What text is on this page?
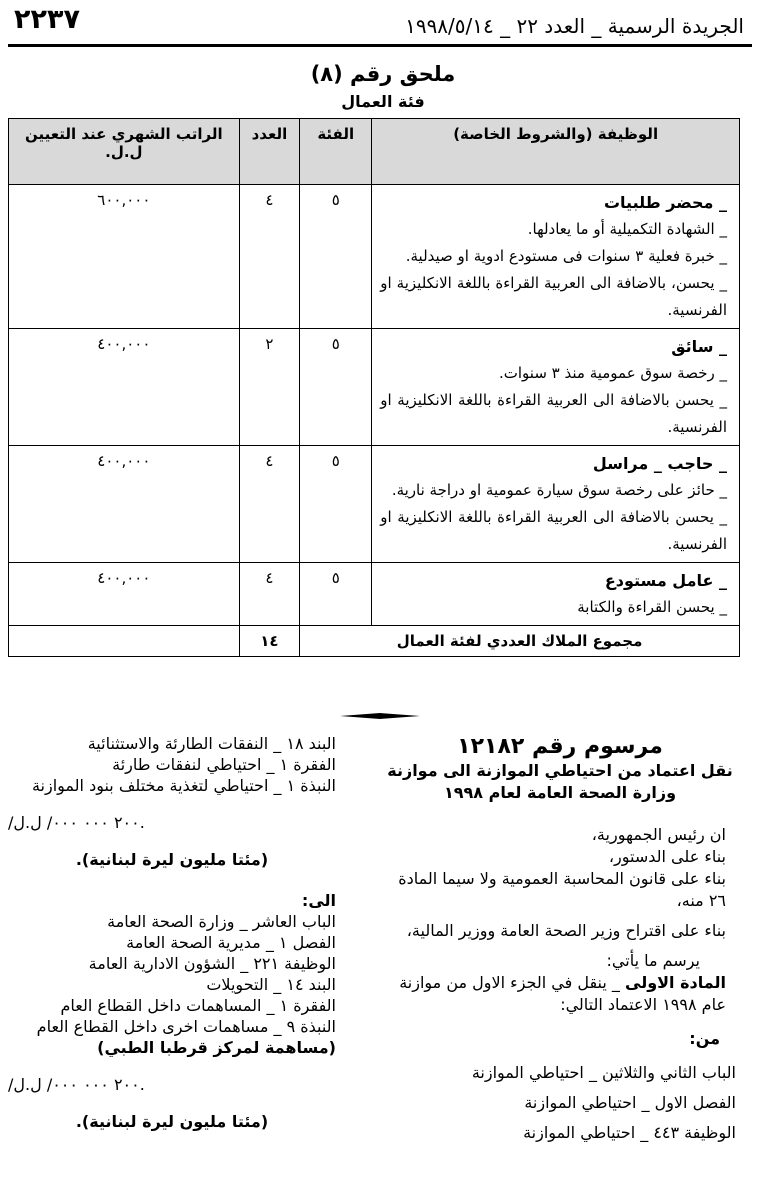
٢٢٣٧	الجريدة الرسمية _ العدد ٢٢ _ ١٩٩٨/٥/١٤
ملحق رقم (٨)
فئة العمال
الوظيفة (والشروط الخاصة)	الفئة	العدد	الراتب الشهري عند التعيين ل.ل.

_ محضر طلبيات
_ الشهادة التكميلية أو ما يعادلها.
_ خبرة فعلية ٣ سنوات فى مستودع ادوية او صيدلية.
_ يحسن، بالاضافة الى العربية القراءة باللغة الانكليزية او الفرنسية.	٥	٤	٦٠٠,٠٠٠

_ سائق
_ رخصة سوق عمومية منذ ٣ سنوات.
_ يحسن بالاضافة الى العربية القراءة باللغة الانكليزية او الفرنسية.	٥	٢	٤٠٠,٠٠٠

_ حاجب _ مراسل
_ حائز على رخصة سوق سيارة عمومية او دراجة نارية.
_ يحسن بالاضافة الى العربية القراءة باللغة الانكليزية او الفرنسية.	٥	٤	٤٠٠,٠٠٠

_ عامل مستودع
_ يحسن القراءة والكتابة	٥	٤	٤٠٠,٠٠٠
مجموع الملاك العددي لفئة العمال		١٤	
مرسوم رقم ١٢١٨٢
نقل اعتماد من احتياطي الموازنة الى موازنة
وزارة الصحة العامة لعام ١٩٩٨

ان رئيس الجمهورية،

بناء على الدستور،

بناء على قانون المحاسبة العمومية ولا سيما المادة ٢٦ منه،

بناء على اقتراح وزير الصحة العامة ووزير المالية،

يرسم ما يأتي:

المادة الاولى _ ينقل في الجزء الاول من موازنة عام ١٩٩٨ الاعتماد التالي:

من:

الباب الثاني والثلاثين _ احتياطي الموازنة
الفصل الاول _ احتياطي الموازنة
الوظيفة ٤٤٣ _ احتياطي الموازنة
البند ١٨ _ النفقات الطارئة والاستثنائية
الفقرة ١ _ احتياطي لنفقات طارئة
النبذة ١ _ احتياطي لتغذية مختلف بنود الموازنة
/٢٠٠ ٠٠٠ ٠٠٠/ ل.ل.
(مئتا مليون ليرة لبنانية).
الى:
الباب العاشر _ وزارة الصحة العامة
الفصل ١ _ مديرية الصحة العامة
الوظيفة ٢٢١ _ الشؤون الادارية العامة
البند ١٤ _ التحويلات
الفقرة ١ _ المساهمات داخل القطاع العام
النبذة ٩ _ مساهمات اخرى داخل القطاع العام
(مساهمة لمركز قرطبا الطبي)
/٢٠٠ ٠٠٠ ٠٠٠/ ل.ل.
(مئتا مليون ليرة لبنانية).
